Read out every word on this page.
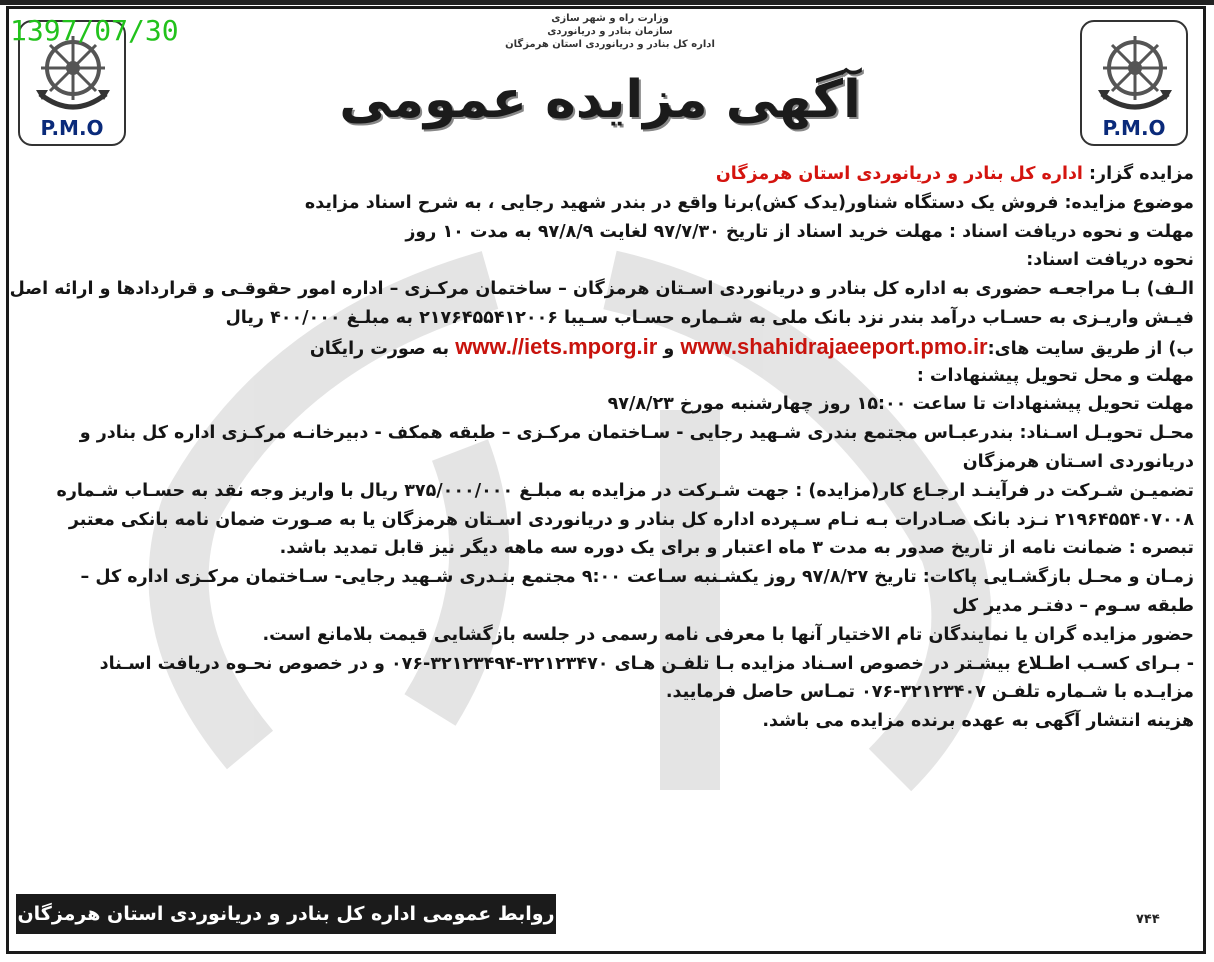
1397/07/30
P.M.O	P.M.O
وزارت راه و شهر سازی
سازمان بنادر و دریانوردی
اداره کل بنادر و دریانوردی استان هرمزگان
آگهی مزایده عمومی
مزایده گزار: اداره کل بنادر و دریانوردی استان هرمزگان
موضوع مزایده: فروش یک دستگاه شناور(یدک کش)برنا واقع در بندر شهید رجایی ، به شرح اسناد مزایده
مهلت و نحوه دریافت اسناد : مهلت خرید اسناد از تاریخ ۹۷/۷/۳۰ لغایت ۹۷/۸/۹ به مدت ۱۰ روز
نحوه دریافت اسناد:
الـف) بـا مراجعـه حضوری به اداره کل بنادر و دریانوردی اسـتان هرمزگان – ساختمان مرکـزی – اداره امور حقوقـی و قراردادها و ارائه اصل
فیـش واریـزی به حسـاب درآمد بندر نزد بانک ملی به شـماره حسـاب سـیبا ۲۱۷۶۴۵۵۴۱۲۰۰۶ به مبلـغ ۴۰۰/۰۰۰ ریال
ب) از طریق سایت های:www.shahidrajaeeport.pmo.ir و www.//iets.mporg.ir به صورت رایگان
مهلت و محل تحویل پیشنهادات :
مهلت تحویل پیشنهادات تا ساعت ۱۵:۰۰ روز چهارشنبه مورخ ۹۷/۸/۲۳
محـل تحویـل اسـناد: بندرعبـاس مجتمع بندری شـهید رجایی - سـاختمان مرکـزی – طبقه همکف - دبیرخانـه مرکـزی اداره کل بنادر و
دریانوردی اسـتان هرمزگان
تضمیـن شـرکت در فرآینـد ارجـاع کار(مزایده) : جهت شـرکت در مزایده به مبلـغ ۳۷۵/۰۰۰/۰۰۰ ریال با واریز وجه نقد به حسـاب شـماره
۲۱۹۶۴۵۵۴۰۷۰۰۸ نـزد بانک صـادرات بـه نـام سـپرده اداره کل بنادر و دریانوردی اسـتان هرمزگان یا به صـورت ضمان نامه بانکی معتبر
تبصره : ضمانت نامه از تاریخ صدور به مدت ۳ ماه اعتبار و برای یک دوره سه ماهه دیگر نیز قابل تمدید باشد.
زمـان و محـل بازگشـایی پاکات: تاریخ ۹۷/۸/۲۷ روز یکشـنبه سـاعت ۹:۰۰ مجتمع بنـدری شـهید رجایی- سـاختمان مرکـزی اداره کل –
طبقه سـوم – دفتـر مدیر کل
حضور مزایده گران یا نمایندگان تام الاختیار آنها با معرفی نامه رسمی در جلسه بازگشایی قیمت بلامانع است.
- بـرای کسـب اطـلاع بیشـتر در خصوص اسـناد مزایده بـا تلفـن هـای ۳۲۱۲۳۴۷۰-۳۲۱۲۳۴۹۴-۰۷۶ و در خصوص نحـوه دریافت اسـناد
مزایـده با شـماره تلفـن ۳۲۱۲۳۴۰۷-۰۷۶ تمـاس حاصل فرمایید.
هزینه انتشار آگهی به عهده برنده مزایده می باشد.
روابط عمومی اداره کل بنادر و دریانوردی استان هرمزگان	۷۴۴
